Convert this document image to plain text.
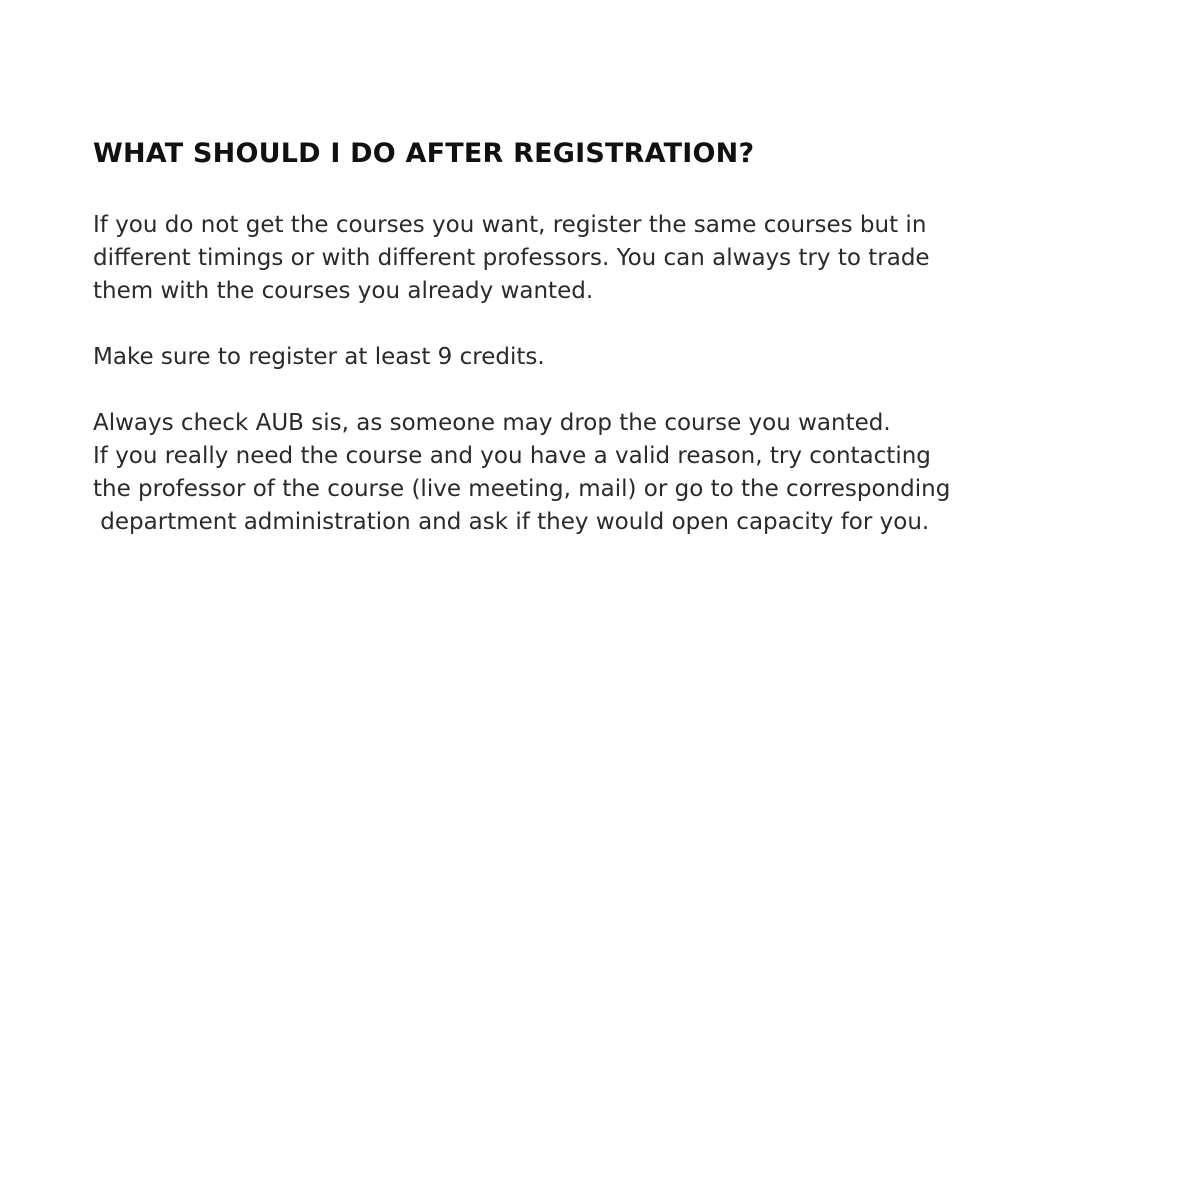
WHAT SHOULD I DO AFTER REGISTRATION?

If you do not get the courses you want, register the same courses but in
different timings or with different professors. You can always try to trade
them with the courses you already wanted.

Make sure to register at least 9 credits.

Always check AUB sis, as someone may drop the course you wanted.
If you really need the course and you have a valid reason, try contacting
the professor of the course (live meeting, mail) or go to the corresponding
department administration and ask if they would open capacity for you.
